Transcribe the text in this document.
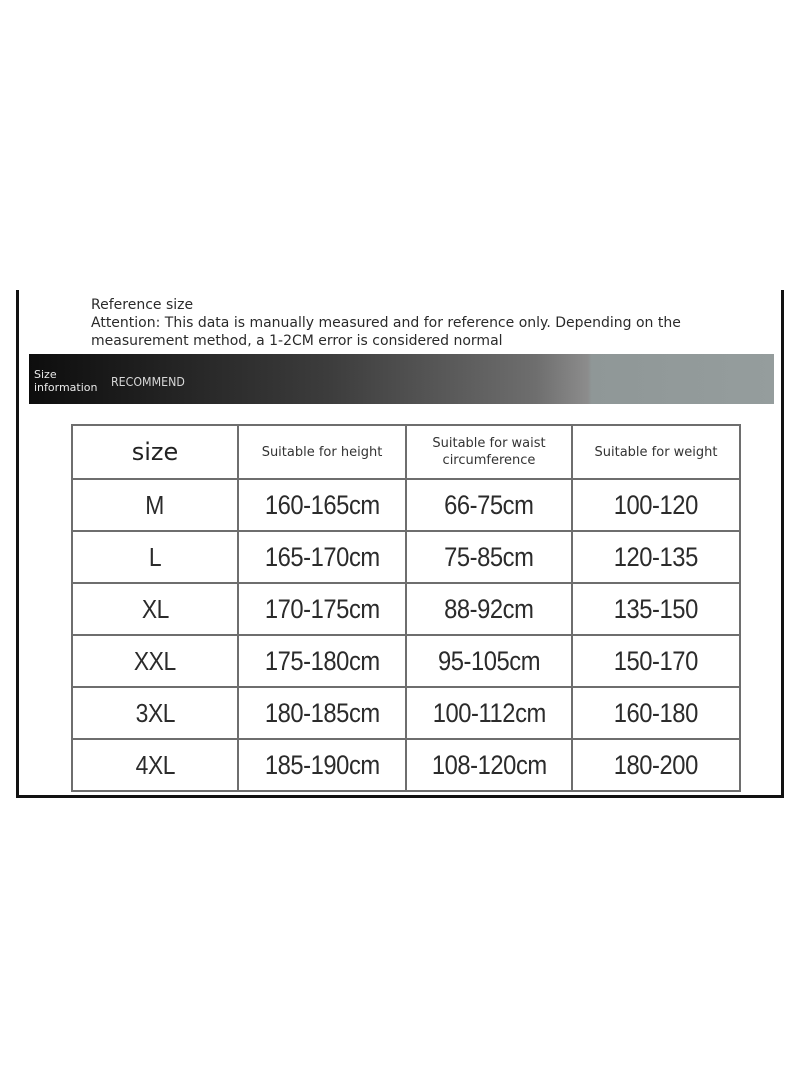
Reference size
Attention: This data is manually measured and for reference only. Depending on the measurement method, a 1-2CM error is considered normal
Size
information RECOMMEND
size	Suitable for height	Suitable for waist circumference	Suitable for weight
M	160-165cm	66-75cm	100-120
L	165-170cm	75-85cm	120-135
XL	170-175cm	88-92cm	135-150
XXL	175-180cm	95-105cm	150-170
3XL	180-185cm	100-112cm	160-180
4XL	185-190cm	108-120cm	180-200
